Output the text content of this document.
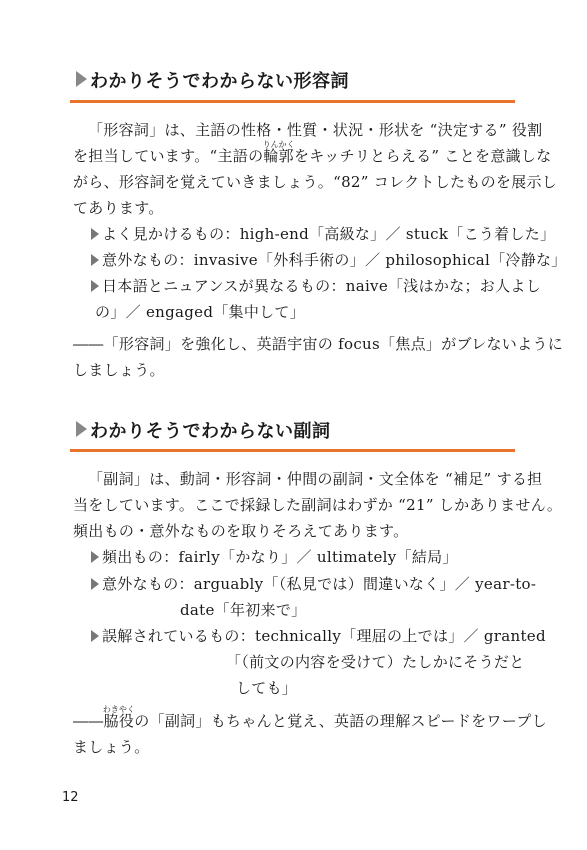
わかりそうでわからない形容詞
「形容詞」は、主語の性格・性質・状況・形状を “決定する” 役割
を担当しています。“主語の
りんかく
輪郭をキッチリとらえる” ことを意識しな
がら、形容詞を覚えていきましょう。“82” コレクトしたものを展示し
てあります。
よく見かけるもの：high-end「高級な」／ stuck「こう着した」
意外なもの：invasive「外科手術の」／ philosophical「冷静な」
日本語とニュアンスが異なるもの：naive「浅はかな；お人よし
の」／ engaged「集中して」
――「形容詞」を強化し、英語宇宙の focus「焦点」がブレないように
しましょう。
わかりそうでわからない副詞
「副詞」は、動詞・形容詞・仲間の副詞・文全体を “補足” する担
当をしています。ここで採録した副詞はわずか “21” しかありません。
頻出もの・意外なものを取りそろえてあります。
頻出もの：fairly「かなり」／ ultimately「結局」
意外なもの：arguably「（私見では）間違いなく」／ year-to-
date「年初来で」
誤解されているもの：technically「理屈の上では」／ granted
「（前文の内容を受けて）たしかにそうだと
しても」
――
わきやく
脇役の「副詞」もちゃんと覚え、英語の理解スピードをワープし
ましょう。
12
